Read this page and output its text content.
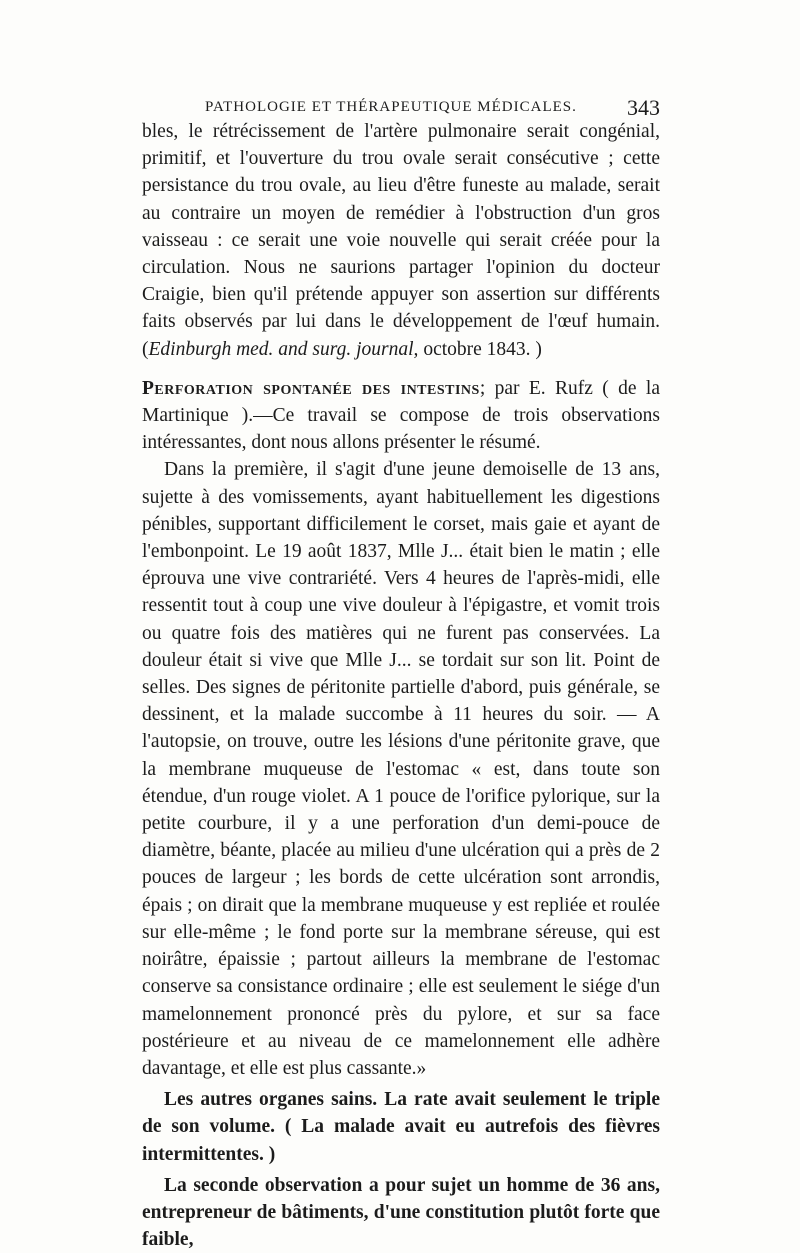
PATHOLOGIE ET THÉRAPEUTIQUE MÉDICALES. 343

bles, le rétrécissement de l'artère pulmonaire serait congénial, primitif, et l'ouverture du trou ovale serait consécutive ; cette persistance du trou ovale, au lieu d'être funeste au malade, serait au contraire un moyen de remédier à l'obstruction d'un gros vaisseau : ce serait une voie nouvelle qui serait créée pour la circulation. Nous ne saurions partager l'opinion du docteur Craigie, bien qu'il prétende appuyer son assertion sur différents faits observés par lui dans le développement de l'œuf humain. (Edinburgh med. and surg. journal, octobre 1843. )

Perforation spontanée des intestins; par E. Rufz ( de la Martinique ).—Ce travail se compose de trois observations intéressantes, dont nous allons présenter le résumé.

Dans la première, il s'agit d'une jeune demoiselle de 13 ans, sujette à des vomissements, ayant habituellement les digestions pénibles, supportant difficilement le corset, mais gaie et ayant de l'embonpoint. Le 19 août 1837, Mlle J... était bien le matin ; elle éprouva une vive contrariété. Vers 4 heures de l'après-midi, elle ressentit tout à coup une vive douleur à l'épigastre, et vomit trois ou quatre fois des matières qui ne furent pas conservées. La douleur était si vive que Mlle J... se tordait sur son lit. Point de selles. Des signes de péritonite partielle d'abord, puis générale, se dessinent, et la malade succombe à 11 heures du soir. — A l'autopsie, on trouve, outre les lésions d'une péritonite grave, que la membrane muqueuse de l'estomac « est, dans toute son étendue, d'un rouge violet. A 1 pouce de l'orifice pylorique, sur la petite courbure, il y a une perforation d'un demi-pouce de diamètre, béante, placée au milieu d'une ulcération qui a près de 2 pouces de largeur ; les bords de cette ulcération sont arrondis, épais ; on dirait que la membrane muqueuse y est repliée et roulée sur elle-même ; le fond porte sur la membrane séreuse, qui est noirâtre, épaissie ; partout ailleurs la membrane de l'estomac conserve sa consistance ordinaire ; elle est seulement le siége d'un mamelonnement prononcé près du pylore, et sur sa face postérieure et au niveau de ce mamelonnement elle adhère davantage, et elle est plus cassante.»

Les autres organes sains. La rate avait seulement le triple de son volume. ( La malade avait eu autrefois des fièvres intermittentes. )

La seconde observation a pour sujet un homme de 36 ans, entrepreneur de bâtiments, d'une constitution plutôt forte que faible,
